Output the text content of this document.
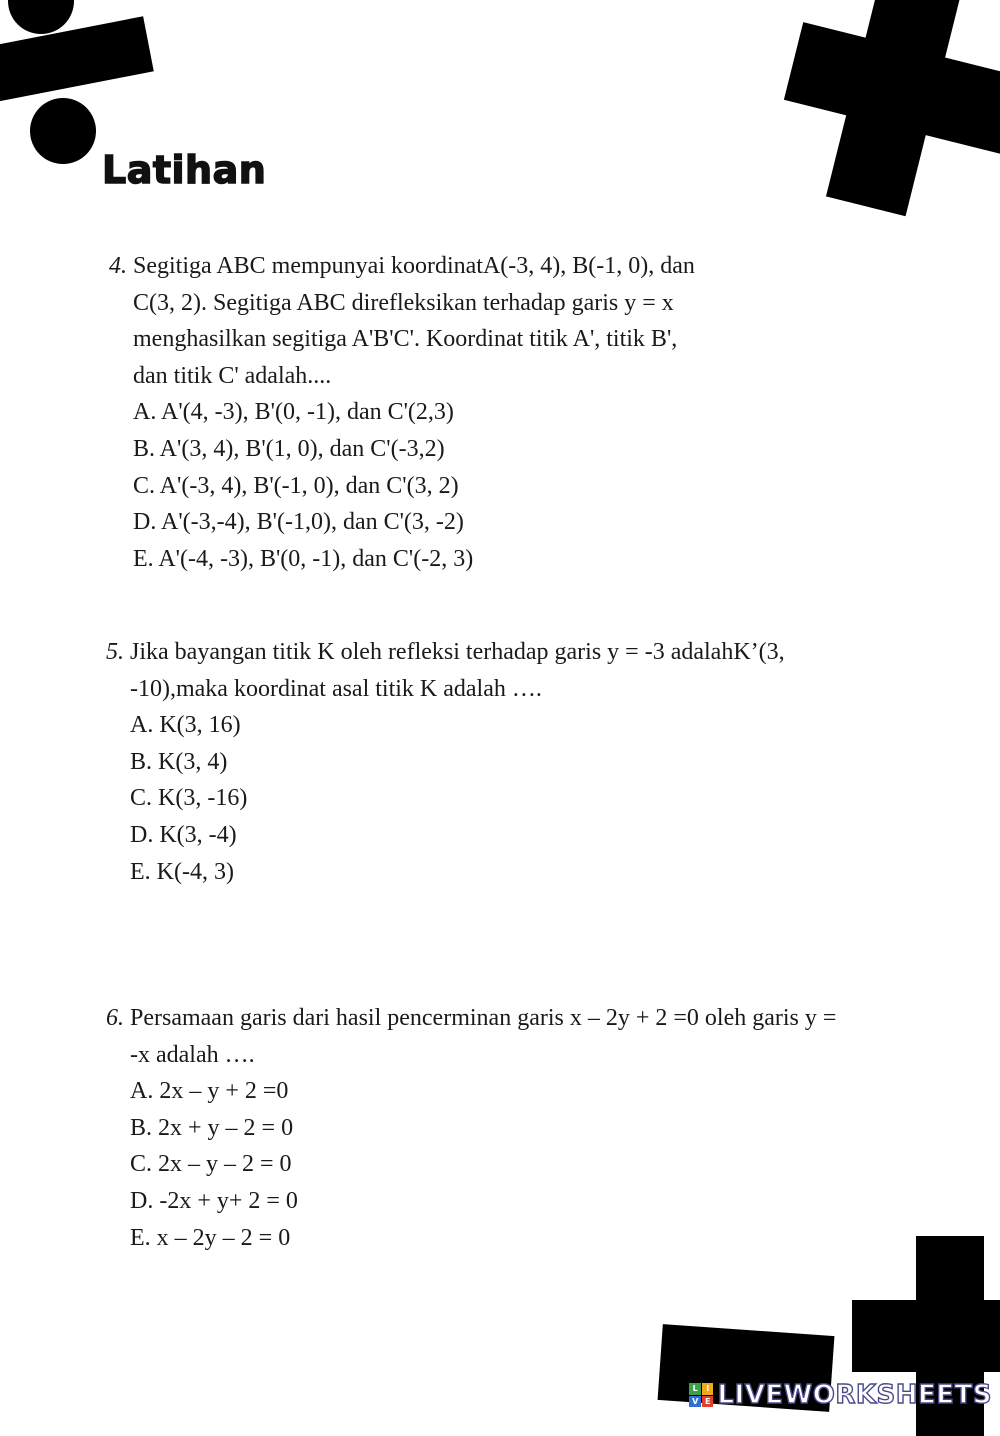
Latihan
4. Segitiga ABC mempunyai koordinatA(-3, 4), B(-1, 0), dan
C(3, 2). Segitiga ABC direfleksikan terhadap garis y = x
menghasilkan segitiga A'B'C'. Koordinat titik A', titik B',
dan titik C' adalah....
A. A'(4, -3), B'(0, -1), dan C'(2,3)
B. A'(3, 4), B'(1, 0), dan C'(-3,2)
C. A'(-3, 4), B'(-1, 0), dan C'(3, 2)
D. A'(-3,-4), B'(-1,0), dan C'(3, -2)
E. A'(-4, -3), B'(0, -1), dan C'(-2, 3)
5. Jika bayangan titik K oleh refleksi terhadap garis y = -3 adalahK’(3,
-10),maka koordinat asal titik K adalah ….
A. K(3, 16)
B. K(3, 4)
C. K(3, -16)
D. K(3, -4)
E. K(-4, 3)
6. Persamaan garis dari hasil pencerminan garis x – 2y + 2 =0 oleh garis y =
-x adalah ….
A. 2x – y + 2 =0
B. 2x + y – 2 = 0
C. 2x – y – 2 = 0
D. -2x + y+ 2 = 0
E. x – 2y – 2 = 0
L	I
V E LIVEWORKSHEETS
